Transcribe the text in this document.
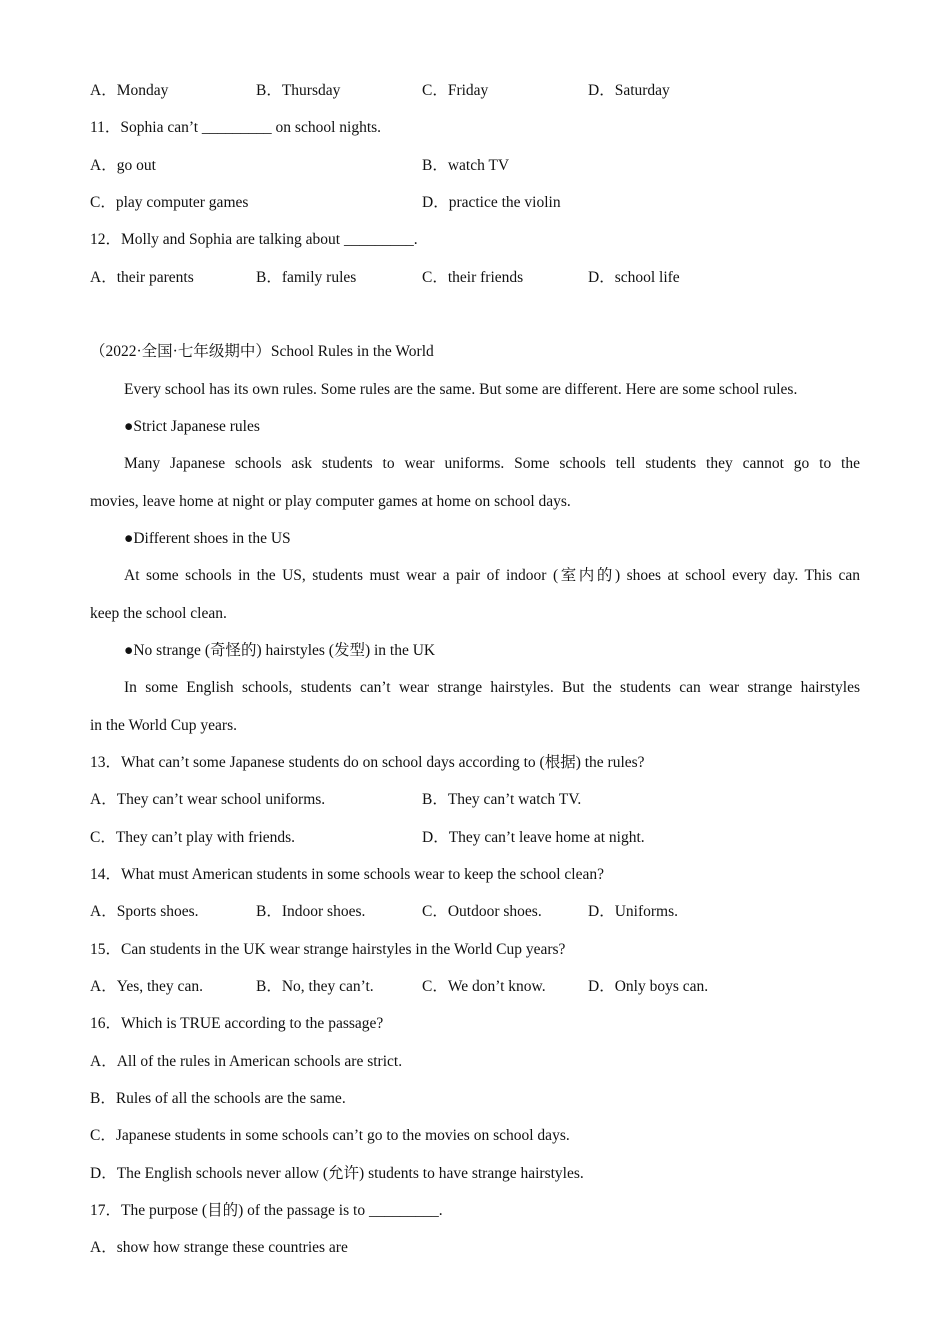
A．Monday	B．Thursday	C．Friday	D．Saturday
11．Sophia can’t _________ on school nights.
A．go out	B．watch TV
C．play computer games	D．practice the violin
12．Molly and Sophia are talking about _________.
A．their parents	B．family rules	C．their friends	D．school life
（2022·全国·七年级期中）School Rules in the World
Every school has its own rules. Some rules are the same. But some are different. Here are some school rules.
●Strict Japanese rules
Many Japanese schools ask students to wear uniforms. Some schools tell students they cannot go to the
movies, leave home at night or play computer games at home on school days.
●Different shoes in the US
At some schools in the US, students must wear a pair of indoor (室内的) shoes at school every day. This can
keep the school clean.
●No strange (奇怪的) hairstyles (发型) in the UK
In some English schools, students can’t wear strange hairstyles. But the students can wear strange hairstyles
in the World Cup years.
13．What can’t some Japanese students do on school days according to (根据) the rules?
A．They can’t wear school uniforms.	B．They can’t watch TV.
C．They can’t play with friends.	D．They can’t leave home at night.
14．What must American students in some schools wear to keep the school clean?
A．Sports shoes.	B．Indoor shoes.	C．Outdoor shoes.	D．Uniforms.
15．Can students in the UK wear strange hairstyles in the World Cup years?
A．Yes, they can.	B．No, they can’t.	C．We don’t know.	D．Only boys can.
16．Which is TRUE according to the passage?
A．All of the rules in American schools are strict.
B．Rules of all the schools are the same.
C．Japanese students in some schools can’t go to the movies on school days.
D．The English schools never allow (允许) students to have strange hairstyles.
17．The purpose (目的) of the passage is to _________.
A．show how strange these countries are
